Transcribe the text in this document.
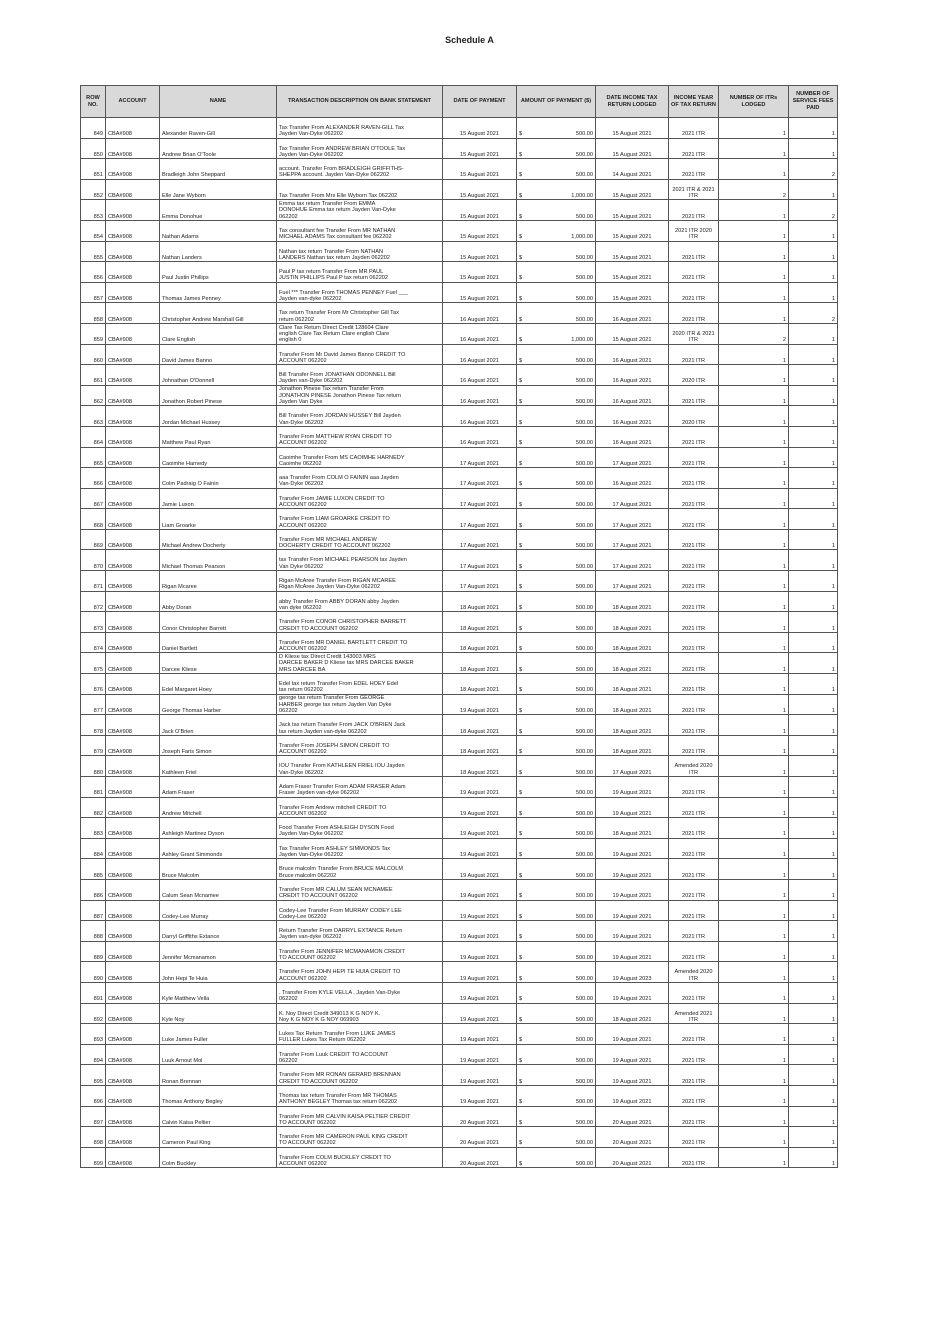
Schedule A
ROW NO.	ACCOUNT	NAME	TRANSACTION DESCRIPTION ON BANK STATEMENT	DATE OF PAYMENT	AMOUNT OF PAYMENT ($)	DATE INCOME TAX RETURN LODGED	INCOME YEAR OF TAX RETURN	NUMBER OF ITRs LODGED	NUMBER OF SERVICE FEES PAID
849	CBA#908	Alexander Raven-Gill	Tax Transfer From ALEXANDER RAVEN-GILL Tax
Jayden Van-Dyke 062202	15 August 2021	$ 500.00	15 August 2021	2021 ITR	1	1
850	CBA#908	Andrew Brian O'Toole	Tax Transfer From ANDREW BRIAN O'TOOLE Tax
Jayden Van-Dyke 062202	15 August 2021	$ 500.00	15 August 2021	2021 ITR	1	1
851	CBA#908	Bradleigh John Sheppard	account. Transfer From BRADLEIGH GRIFFITHS-
SHEPPA account. Jayden Van-Dyke 062202	15 August 2021	$ 500.00	14 August 2021	2021 ITR	1	2
852	CBA#908	Elle Jane Wyborn	Tax Transfer From Mrs Elle Wyborn Tax 062202	15 August 2021	$ 1,000.00	15 August 2021	2021 ITR & 2021 ITR	2	1
853	CBA#908	Emma Donohue	Emma tax return Transfer From EMMA
DONOHUE Emma tax return Jayden Van-Dyke
062202	15 August 2021	$ 500.00	15 August 2021	2021 ITR	1	2
854	CBA#908	Nathan Adams	Tax consultant fee Transfer From MR NATHAN
MICHAEL ADAMS Tax consultant fee 062202	15 August 2021	$ 1,000.00	15 August 2021	2021 ITR 2020 ITR	1	1
855	CBA#908	Nathan Landers	Nathan tax return Transfer From NATHAN
LANDERS Nathan tax return Jayden 062202	15 August 2021	$ 500.00	15 August 2021	2021 ITR	1	1
856	CBA#908	Paul Justin Phillips	Paul P tax return Transfer From MR PAUL
JUSTIN PHILLIPS Paul P tax return 062202	15 August 2021	$ 500.00	15 August 2021	2021 ITR	1	1
857	CBA#908	Thomas James Penney	Fuel *** Transfer From THOMAS PENNEY Fuel ___
Jayden van-dyke 062202	15 August 2021	$ 500.00	15 August 2021	2021 ITR	1	1
858	CBA#908	Christopher Andrew Marshall Gill	Tax return Transfer From Mr Christopher Gill Tax
return 062202	16 August 2021	$ 500.00	16 August 2021	2021 ITR	1	2
859	CBA#908	Clare English	Clare Tax Return Direct Credit 128604 Clare
english Clare Tax Return Clare english Clare
english 0	16 August 2021	$ 1,000.00	15 August 2021	2020 ITR & 2021 ITR	2	1
860	CBA#908	David James Banno	Transfer From Mr David James Banno CREDIT TO
ACCOUNT 062202	16 August 2021	$ 500.00	16 August 2021	2021 ITR	1	1
861	CBA#908	Johnathan O'Donnell	Bill Transfer From JONATHAN ODONNELL Bill
Jayden van-Dyke 062202	16 August 2021	$ 500.00	16 August 2021	2020 ITR	1	1
862	CBA#908	Jonathon Robert Pinese	Jonathon Pinese Tax return Transfer From
JONATHON PINESE Jonathon Pinese Tax return
Jayden Van Dyke	16 August 2021	$ 500.00	16 August 2021	2021 ITR	1	1
863	CBA#908	Jordan Michael Hussey	Bill Transfer From JORDAN HUSSEY Bill Jayden
Van-Dyke 062202	16 August 2021	$ 500.00	16 August 2021	2020 ITR	1	1
864	CBA#908	Matthew Paul Ryan	Transfer From MATTHEW RYAN CREDIT TO
ACCOUNT 062202	16 August 2021	$ 500.00	16 August 2021	2021 ITR	1	1
865	CBA#908	Caoimhe Harnedy	Caoimhe Transfer From MS CAOIMHE HARNEDY
Caoimhe 062202	17 August 2021	$ 500.00	17 August 2021	2021 ITR	1	1
866	CBA#908	Colm Padraig O Fainin	aaa Transfer From COLM O FAININ aaa Jayden
Van-Dyke 062202	17 August 2021	$ 500.00	16 August 2021	2021 ITR	1	1
867	CBA#908	Jamie Luxon	Transfer From JAMIE LUXON CREDIT TO
ACCOUNT 062202	17 August 2021	$ 500.00	17 August 2021	2021 ITR	1	1
868	CBA#908	Liam Groarke	Transfer From LIAM GROARKE CREDIT TO
ACCOUNT 062202	17 August 2021	$ 500.00	17 August 2021	2021 ITR	1	1
869	CBA#908	Michael Andrew Docherty	Transfer From MR MICHAEL ANDREW
DOCHERTY CREDIT TO ACCOUNT 062202	17 August 2021	$ 500.00	17 August 2021	2021 ITR	1	1
870	CBA#908	Michael Thomas Pearson	tax Transfer From MICHAEL PEARSON tax Jayden
Van Dyke 062202	17 August 2021	$ 500.00	17 August 2021	2021 ITR	1	1
871	CBA#908	Rigan Mcaree	Rigan McAree Transfer From RIGAN MCAREE
Rigan McAree Jayden Van-Dyke 062202	17 August 2021	$ 500.00	17 August 2021	2021 ITR	1	1
872	CBA#908	Abby Doran	abby Transfer From ABBY DORAN abby Jayden
van dyke 062202	18 August 2021	$ 500.00	18 August 2021	2021 ITR	1	1
873	CBA#908	Conor Christopher Barrett	Transfer From CONOR CHRISTOPHER BARRETT
CREDIT TO ACCOUNT 062202	18 August 2021	$ 500.00	18 August 2021	2021 ITR	1	1
874	CBA#908	Daniel Bartlett	Transfer From MR DANIEL BARTLETT CREDIT TO
ACCOUNT 062202	18 August 2021	$ 500.00	18 August 2021	2021 ITR	1	1
875	CBA#908	Darcee Kliese	D Kliese tax Direct Credit 143003 MRS
DARCEE BAKER D Kliese tax MRS DARCEE BAKER
MRS DARCEE BA	18 August 2021	$ 500.00	18 August 2021	2021 ITR	1	1
876	CBA#908	Edel Margaret Hoey	Edel tax return Transfer From EDEL HOEY Edel
tax return 062202	18 August 2021	$ 500.00	18 August 2021	2021 ITR	1	1
877	CBA#908	George Thomas Harber	george tax return Transfer From GEORGE
HARBER george tax return Jayden Van Dyke
062202	19 August 2021	$ 500.00	18 August 2021	2021 ITR	1	1
878	CBA#908	Jack O'Brien	Jack tax return Transfer From JACK O'BRIEN Jack
tax return Jayden van-dyke 062202	18 August 2021	$ 500.00	18 August 2021	2021 ITR	1	1
879	CBA#908	Joseph Faris Simon	Transfer From JOSEPH SIMON CREDIT TO
ACCOUNT 062202	18 August 2021	$ 500.00	18 August 2021	2021 ITR	1	1
880	CBA#908	Kathleen Friel	IOU Transfer From KATHLEEN FRIEL IOU Jayden
Van-Dyke 062202	18 August 2021	$ 500.00	17 August 2021	Amended 2020 ITR	1	1
881	CBA#908	Adam Fraser	Adam Fraser Transfer From ADAM FRASER Adam
Fraser Jayden van-dyke 062202	19 August 2021	$ 500.00	19 August 2021	2021 ITR	1	1
882	CBA#908	Andrew Mitchell	Transfer From Andrew mitchell CREDIT TO
ACCOUNT 062202	19 August 2021	$ 500.00	19 August 2021	2021 ITR	1	1
883	CBA#908	Ashleigh Martinez Dyson	Food Transfer From ASHLEIGH DYSON Food
Jayden Van-Dyke 062202	19 August 2021	$ 500.00	18 August 2021	2021 ITR	1	1
884	CBA#908	Ashley Grant Simmonds	Tax Transfer From ASHLEY SIMMONDS Tax
Jayden Van-Dyke 062202	19 August 2021	$ 500.00	19 August 2021	2021 ITR	1	1
885	CBA#908	Bruce Malcolm	Bruce malcolm Transfer From BRUCE MALCOLM
Bruce malcolm 062202	19 August 2021	$ 500.00	19 August 2021	2021 ITR	1	1
886	CBA#908	Calum Sean Mcnamee	Transfer From MR CALUM SEAN MCNAMEE
CREDIT TO ACCOUNT 062202	19 August 2021	$ 500.00	19 August 2021	2021 ITR	1	1
887	CBA#908	Codey-Lee Murray	Codey-Lee Transfer From MURRAY CODEY LEE
Codey-Lee 062202	19 August 2021	$ 500.00	19 August 2021	2021 ITR	1	1
888	CBA#908	Darryl Griffiths Extance	Return Transfer From DARRYL EXTANCE Return
Jayden van-dyke 062202	19 August 2021	$ 500.00	19 August 2021	2021 ITR	1	1
889	CBA#908	Jennifer Mcmanamon	Transfer From JENNIFER MCMANAMON CREDIT
TO ACCOUNT 062202	19 August 2021	$ 500.00	19 August 2021	2021 ITR	1	1
890	CBA#908	John Hepi Te Huia	Transfer From JOHN HEPI TE HUIA CREDIT TO
ACCOUNT 062202	19 August 2021	$ 500.00	19 August 2023	Amended 2020 ITR	1	1
891	CBA#908	Kyle Matthew Vella	. Transfer From KYLE VELLA . Jayden Van-Dyke
062202	19 August 2021	$ 500.00	19 August 2021	2021 ITR	1	1
892	CBA#908	Kyle Noy	K. Noy Direct Credit 349013 K G NOY K.
Noy K G NOY K G NOY 069903	19 August 2021	$ 500.00	18 August 2021	Amended 2021 ITR	1	1
893	CBA#908	Luke James Fuller	Lukes Tax Return Transfer From LUKE JAMES
FULLER Lukes Tax Return 062202	19 August 2021	$ 500.00	19 August 2021	2021 ITR	1	1
894	CBA#908	Luuk Arnout Mol	Transfer From Luuk CREDIT TO ACCOUNT
062202	19 August 2021	$ 500.00	19 August 2021	2021 ITR	1	1
895	CBA#908	Ronan Brennan	Transfer From MR RONAN GERARD BRENNAN
CREDIT TO ACCOUNT 062202	19 August 2021	$ 500.00	19 August 2021	2021 ITR	1	1
896	CBA#908	Thomas Anthony Begley	Thomas tax return Transfer From MR THOMAS
ANTHONY BEGLEY Thomas tax return 062202	19 August 2021	$ 500.00	19 August 2021	2021 ITR	1	1
897	CBA#908	Calvin Kaisa Peltier	Transfer From MR CALVIN KAISA PELTIER CREDIT
TO ACCOUNT 062202	20 August 2021	$ 500.00	20 August 2021	2021 ITR	1	1
898	CBA#908	Cameron Paul King	Transfer From MR CAMERON PAUL KING CREDIT
TO ACCOUNT 062202	20 August 2021	$ 500.00	20 August 2021	2021 ITR	1	1
899	CBA#908	Colm Buckley	Transfer From COLM BUCKLEY CREDIT TO
ACCOUNT 062202	20 August 2021	$ 500.00	20 August 2021	2021 ITR	1	1
